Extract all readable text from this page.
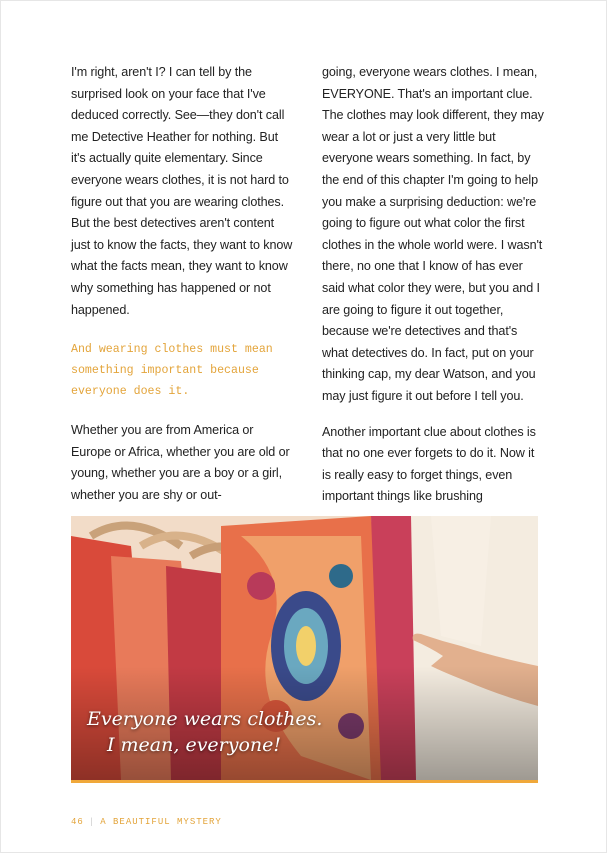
I'm right, aren't I? I can tell by the surprised look on your face that I've deduced correctly. See—they don't call me Detective Heather for nothing. But it's actually quite elementary. Since everyone wears clothes, it is not hard to figure out that you are wearing clothes. But the best detectives aren't content just to know the facts, they want to know what the facts mean, they want to know why something has happened or not happened.

And wearing clothes must mean something important because everyone does it.

Whether you are from America or Europe or Africa, whether you are old or young, whether you are a boy or a girl, whether you are shy or out-

going, everyone wears clothes. I mean, EVERYONE. That's an important clue. The clothes may look different, they may wear a lot or just a very little but everyone wears something. In fact, by the end of this chapter I'm going to help you make a surprising deduction: we're going to figure out what color the first clothes in the whole world were. I wasn't there, no one that I know of has ever said what color they were, but you and I are going to figure it out together, because we're detectives and that's what detectives do. In fact, put on your thinking cap, my dear Watson, and you may just figure it out before I tell you.

Another important clue about clothes is that no one ever forgets to do it. Now it is really easy to forget things, even important things like brushing

Everyone wears clothes.
I mean, everyone!
46 | A BEAUTIFUL MYSTERY
